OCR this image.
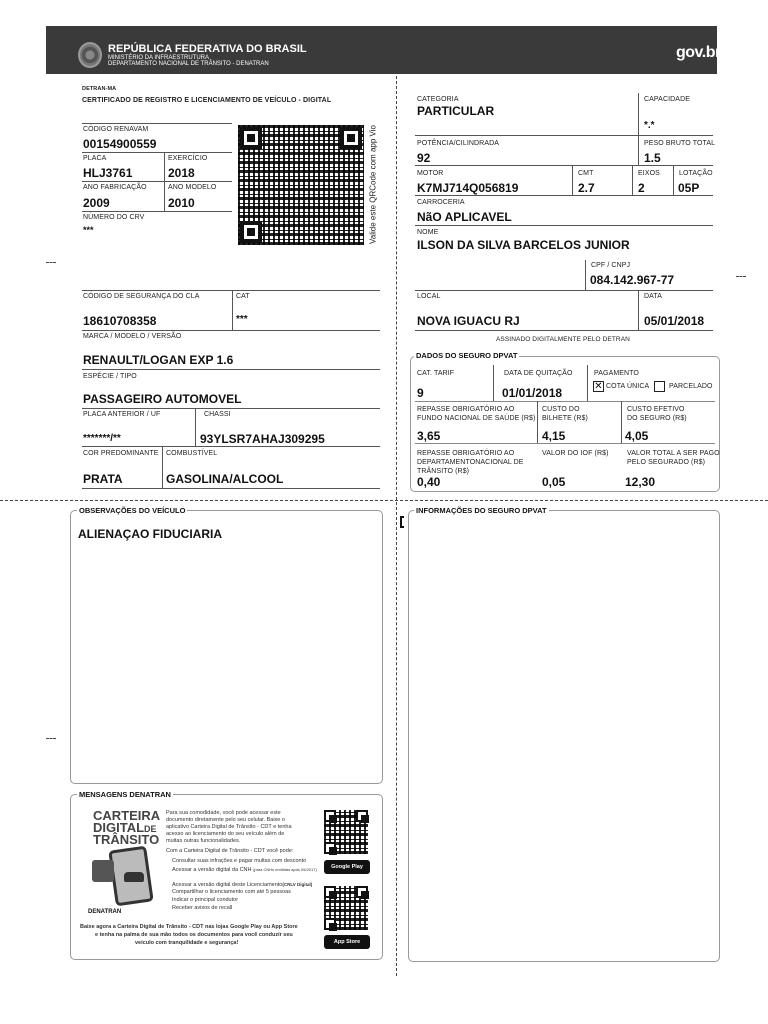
REPÚBLICA FEDERATIVA DO BRASIL
MINISTÉRIO DA INFRAESTRUTURA
DEPARTAMENTO NACIONAL DE TRÂNSITO - DENATRAN
gov.br
DETRAN-MA
CERTIFICADO DE REGISTRO E LICENCIAMENTO DE VEÍCULO - DIGITAL
CÓDIGO RENAVAM
00154900559
PLACA
HLJ3761
EXERCÍCIO
2018
ANO FABRICAÇÃO
2009
ANO MODELO
2010
NÚMERO DO CRV
***	Valide este QRCode com app Vio
CÓDIGO DE SEGURANÇA DO CLA
18610708358
CAT
***
MARCA / MODELO / VERSÃO
RENAULT/LOGAN EXP 1.6
ESPÉCIE / TIPO
PASSAGEIRO AUTOMOVEL
PLACA ANTERIOR / UF
*******/**
CHASSI
93YLSR7AHAJ309295
COR PREDOMINANTE
PRATA
COMBUSTÍVEL
GASOLINA/ALCOOL
CATEGORIA
PARTICULAR
CAPACIDADE
*.*
POTÊNCIA/CILINDRADA
92
PESO BRUTO TOTAL
1.5
MOTOR
K7MJ714Q056819
CMT
2.7
EIXOS
2
LOTAÇÃO
05P
CARROCERIA
NãO APLICAVEL
NOME
ILSON DA SILVA BARCELOS JUNIOR
CPF / CNPJ
084.142.967-77
LOCAL
NOVA IGUACU RJ
DATA
05/01/2018
ASSINADO DIGITALMENTE PELO DETRAN
DADOS DO SEGURO DPVAT
CAT. TARIF
9
DATA DE QUITAÇÃO
01/01/2018
PAGAMENTO
✕ COTA ÚNICA	PARCELADO
REPASSE OBRIGATÓRIO AO
FUNDO NACIONAL DE SAÚDE (R$)
3,65
CUSTO DO
BILHETE (R$)
4,15
CUSTO EFETIVO
DO SEGURO (R$)
4,05
REPASSE OBRIGATÓRIO AO
DEPARTAMENTONACIONAL DE
TRÂNSITO (R$)
0,40
VALOR DO IOF (R$)
0,05
VALOR TOTAL A SER PAGO
PELO SEGURADO (R$)
12,30
OBSERVAÇÕES DO VEÍCULO
ALIENAÇAO FIDUCIARIA
INFORMAÇÕES DO SEGURO DPVAT
MENSAGENS DENATRAN
CARTEIRA
DIGITALDE
TRÂNSITO
DENATRAN
Para sua comodidade, você pode acessar este
documento diretamente pelo seu celular. Baixe o
aplicativo Carteira Digital de Trânsito - CDT e tenha
acesso ao licenciamento do seu veículo além de
muitas outras funcionalidades.
Com a Carteira Digital de Trânsito - CDT você pode:
Consultar suas infrações e pagar multas com desconto
Acessar a versão digital da CNH (para CNHs emitidas após 05/2017)
Acessar a versão digital deste Licenciamento(CRLV Digital)
Compartilhar o licenciamento com até 5 pessoas
Indicar o principal condutor
Receber avisos de recall
Google Play
App Store
Baixe agora a Carteira Digital de Trânsito - CDT nas lojas Google Play ou App Store
e tenha na palma de sua mão todos os documentos para você conduzir seu
veículo com tranquilidade e segurança!
